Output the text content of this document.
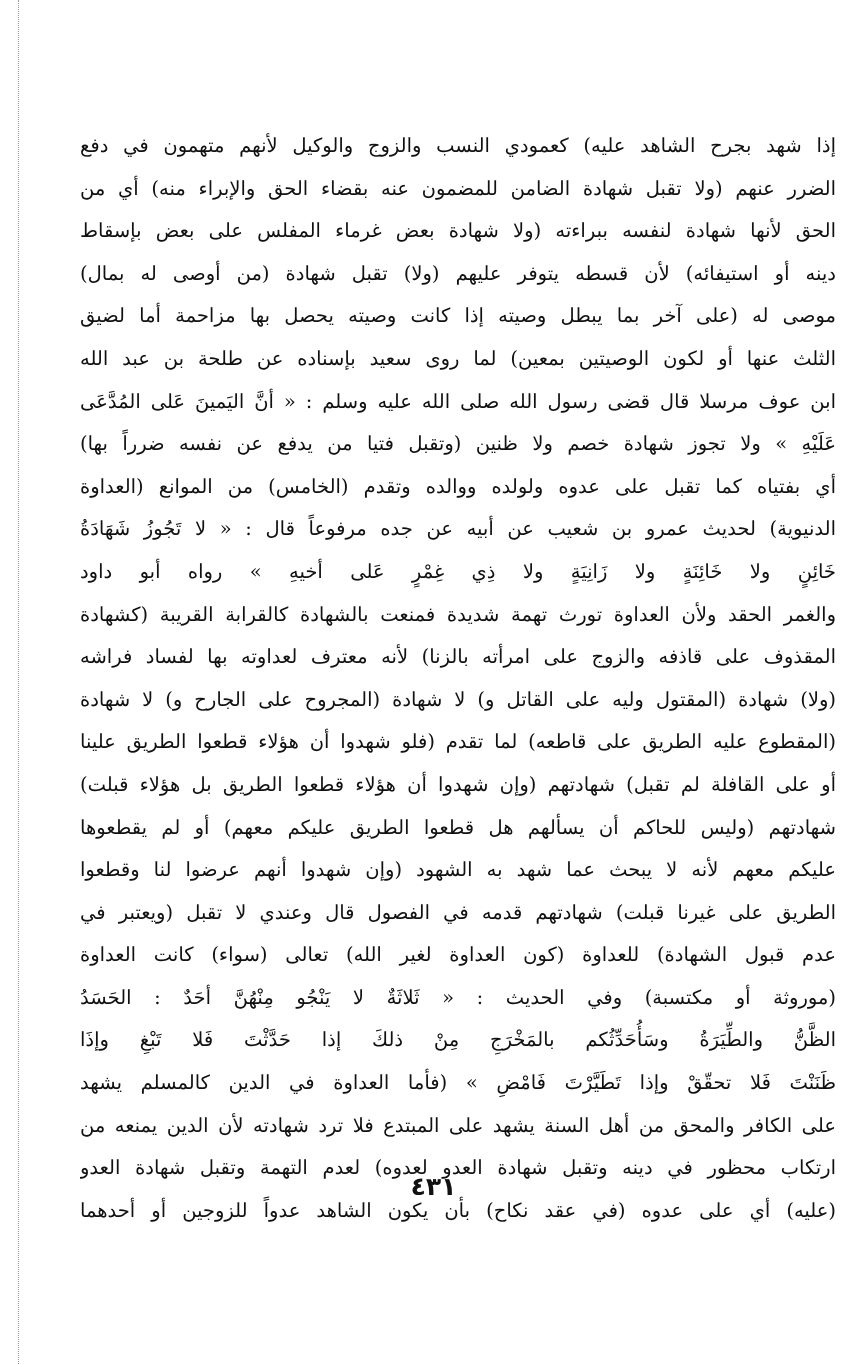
إذا شهد بجرح الشاهد عليه) كعمودي النسب والزوج والوكيل لأنهم متهمون في دفع
الضرر عنهم (ولا تقبل شهادة الضامن للمضمون عنه بقضاء الحق والإبراء منه) أي من
الحق لأنها شهادة لنفسه ببراءته (ولا شهادة بعض غرماء المفلس على بعض بإسقاط
دينه أو استيفائه) لأن قسطه يتوفر عليهم (ولا) تقبل شهادة (من أوصى له بمال)
موصى له (على آخر بما يبطل وصيته إذا كانت وصيته يحصل بها مزاحمة أما لضيق
الثلث عنها أو لكون الوصيتين بمعين) لما روى سعيد بإسناده عن طلحة بن عبد الله
ابن عوف مرسلا قال قضى رسول الله صلى الله عليه وسلم : « أنَّ اليَمينَ عَلى المُدَّعَى
عَلَيْهِ » ولا تجوز شهادة خصم ولا ظنين (وتقبل فتيا من يدفع عن نفسه ضرراً بها)
أي بفتياه كما تقبل على عدوه ولولده ووالده وتقدم (الخامس) من الموانع (العداوة
الدنيوية) لحديث عمرو بن شعيب عن أبيه عن جده مرفوعاً قال : « لا تَجُوزُ شَهَادَةُ
خَائِنٍ ولا خَائِنَةٍ ولا زَانِيَةٍ ولا ذِي غِمْرٍ عَلى أخيهِ » رواه أبو داود
والغمر الحقد ولأن العداوة تورث تهمة شديدة فمنعت بالشهادة كالقرابة القريبة (كشهادة
المقذوف على قاذفه والزوج على امرأته بالزنا) لأنه معترف لعداوته بها لفساد فراشه
(ولا) شهادة (المقتول وليه على القاتل و) لا شهادة (المجروح على الجارح و) لا شهادة
(المقطوع عليه الطريق على قاطعه) لما تقدم (فلو شهدوا أن هؤلاء قطعوا الطريق علينا
أو على القافلة لم تقبل) شهادتهم (وإن شهدوا أن هؤلاء قطعوا الطريق بل هؤلاء قبلت)
شهادتهم (وليس للحاكم أن يسألهم هل قطعوا الطريق عليكم معهم) أو لم يقطعوها
عليكم معهم لأنه لا يبحث عما شهد به الشهود (وإن شهدوا أنهم عرضوا لنا وقطعوا
الطريق على غيرنا قبلت) شهادتهم قدمه في الفصول قال وعندي لا تقبل (ويعتبر في
عدم قبول الشهادة) للعداوة (كون العداوة لغير الله) تعالى (سواء) كانت العداوة
(موروثة أو مكتسبة) وفي الحديث : « ثَلاثَةٌ لا يَنْجُو مِنْهُنَّ أحَدٌ : الحَسَدُ
الظَّنُّ والطِّيَرَةُ وسَأُحَدِّثُكم بالمَخْرَجِ مِنْ ذلكَ إذا حَدَّثْتَ فَلا تَبْغِ وإذَا
ظَنَنْتَ فَلا تحقّقْ وإذا تَطَيَّرْتَ فَامْضِ » (فأما العداوة في الدين كالمسلم يشهد
على الكافر والمحق من أهل السنة يشهد على المبتدع فلا ترد شهادته لأن الدين يمنعه من
ارتكاب محظور في دينه وتقبل شهادة العدو لعدوه) لعدم التهمة وتقبل شهادة العدو
(عليه) أي على عدوه (في عقد نكاح) بأن يكون الشاهد عدواً للزوجين أو أحدهما
٤٣١
